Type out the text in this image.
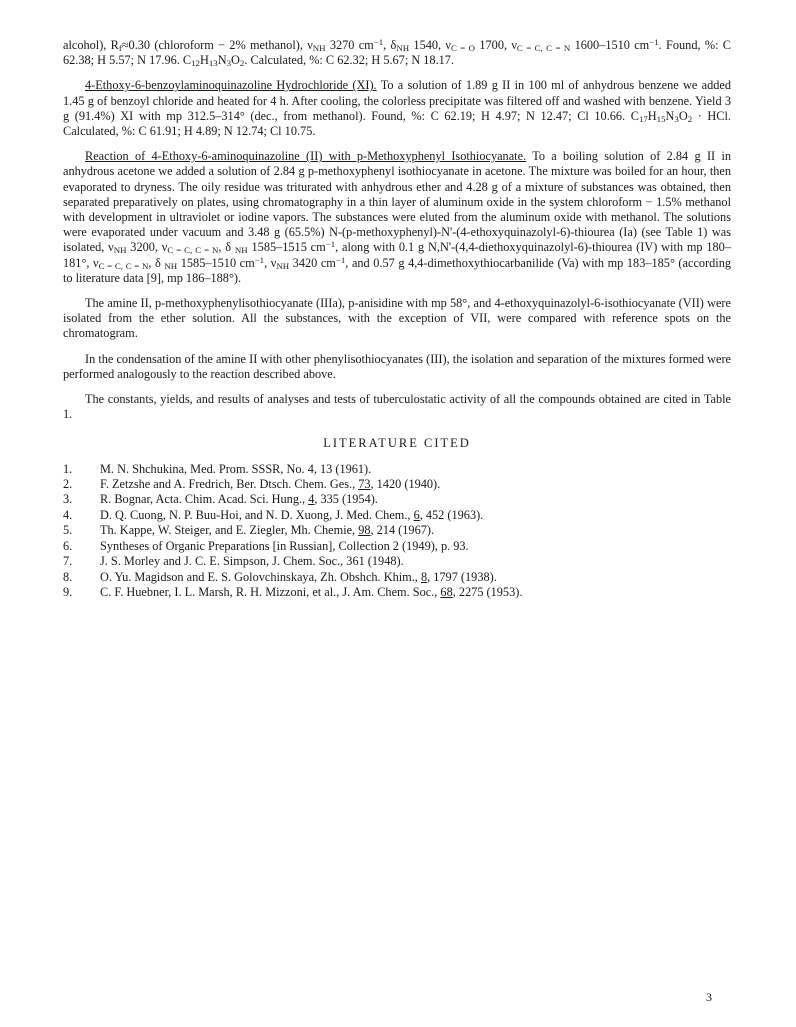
alcohol), $R_f\approx 0.30$ (chloroform − 2% methanol), $\nu_{NH}$ 3270 $cm^{-1}$, $\delta_{NH}$ 1540, $\nu_{C = O}$ 1700, $\nu_{C = C, C = N}$ 1600–1510 $cm^{-1}$. Found, %: C 62.38; H 5.57; N 17.96. $C_{12}H_{13}N_3O_2$. Calculated, %: C 62.32; H 5.67; N 18.17.

4-Ethoxy-6-benzoylaminoquinazoline Hydrochloride (XI). To a solution of 1.89 g II in 100 ml of anhydrous benzene we added 1.45 g of benzoyl chloride and heated for 4 h. After cooling, the colorless precipitate was filtered off and washed with benzene. Yield 3 g (91.4%) XI with mp 312.5–314° (dec., from methanol). Found, %: C 62.19; H 4.97; N 12.47; Cl 10.66. $C_{17}H_{15}N_3O_2$ · HCl. Calculated, %: C 61.91; H 4.89; N 12.74; Cl 10.75.

Reaction of 4-Ethoxy-6-aminoquinazoline (II) with p-Methoxyphenyl Isothiocyanate. To a boiling solution of 2.84 g II in anhydrous acetone we added a solution of 2.84 g p-methoxyphenyl isothiocyanate in acetone. The mixture was boiled for an hour, then evaporated to dryness. The oily residue was triturated with anhydrous ether and 4.28 g of a mixture of substances was obtained, then separated preparatively on plates, using chromatography in a thin layer of aluminum oxide in the system chloroform − 1.5% methanol with development in ultraviolet or iodine vapors. The substances were eluted from the aluminum oxide with methanol. The solutions were evaporated under vacuum and 3.48 g (65.5%) N-(p-methoxyphenyl)-N'-(4-ethoxyquinazolyl-6)-thiourea (Ia) (see Table 1) was isolated, $\nu_{NH}$ 3200, $\nu_{C = C, C = N}$, δ $_{NH}$ 1585–1515 $cm^{-1}$, along with 0.1 g N,N'-(4,4-diethoxyquinazolyl-6)-thiourea (IV) with mp 180–181°, $\nu_{C = C, C = N}$, δ $_{NH}$ 1585–1510 $cm^{-1}$, $\nu_{NH}$ 3420 $cm^{-1}$, and 0.57 g 4,4-dimethoxythiocarbanilide (Va) with mp 183–185° (according to literature data [9], mp 186–188°).

The amine II, p-methoxyphenylisothiocyanate (IIIa), p-anisidine with mp 58°, and 4-ethoxyquinazolyl-6-isothiocyanate (VII) were isolated from the ether solution. All the substances, with the exception of VII, were compared with reference spots on the chromatogram.

In the condensation of the amine II with other phenylisothiocyanates (III), the isolation and separation of the mixtures formed were performed analogously to the reaction described above.

The constants, yields, and results of analyses and tests of tuberculostatic activity of all the compounds obtained are cited in Table 1.

LITERATURE CITED
1.	M. N. Shchukina, Med. Prom. SSSR, No. 4, 13 (1961).
2.	F. Zetzshe and A. Fredrich, Ber. Dtsch. Chem. Ges., 73, 1420 (1940).
3.	R. Bognar, Acta. Chim. Acad. Sci. Hung., 4, 335 (1954).
4.	D. Q. Cuong, N. P. Buu-Hoi, and N. D. Xuong, J. Med. Chem., 6, 452 (1963).
5.	Th. Kappe, W. Steiger, and E. Ziegler, Mh. Chemie, 98, 214 (1967).
6.	Syntheses of Organic Preparations [in Russian], Collection 2 (1949), p. 93.
7.	J. S. Morley and J. C. E. Simpson, J. Chem. Soc., 361 (1948).
8.	O. Yu. Magidson and E. S. Golovchinskaya, Zh. Obshch. Khim., 8, 1797 (1938).
9.	C. F. Huebner, I. L. Marsh, R. H. Mizzoni, et al., J. Am. Chem. Soc., 68, 2275 (1953).
3
